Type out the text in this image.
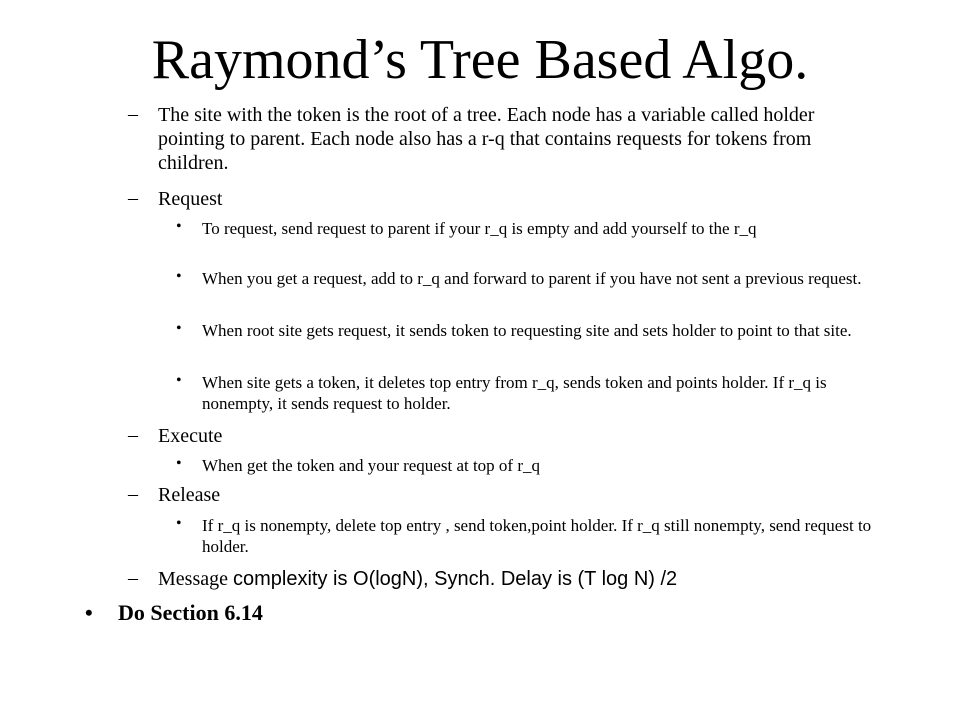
Raymond’s Tree Based Algo.
– The site with the token is the root of a tree. Each node has a variable called holder pointing to parent. Each node also has a r-q that contains requests for tokens from children.
– Request
• To request, send request to parent if your r_q is empty and add yourself to the r_q
• When you get a request, add to r_q and forward to parent if you have not sent a previous request.
• When root site gets request, it sends token to requesting site and sets holder to point to that site.
• When site gets a token, it deletes top entry from r_q, sends token and points holder. If r_q is nonempty, it sends request to holder.
– Execute
• When get the token and your request at top of r_q
– Release
• If r_q is nonempty, delete top entry , send token,point holder. If r_q still nonempty, send request to holder.
– Message complexity is O(logN), Synch. Delay is (T log N) /2
• Do Section 6.14
